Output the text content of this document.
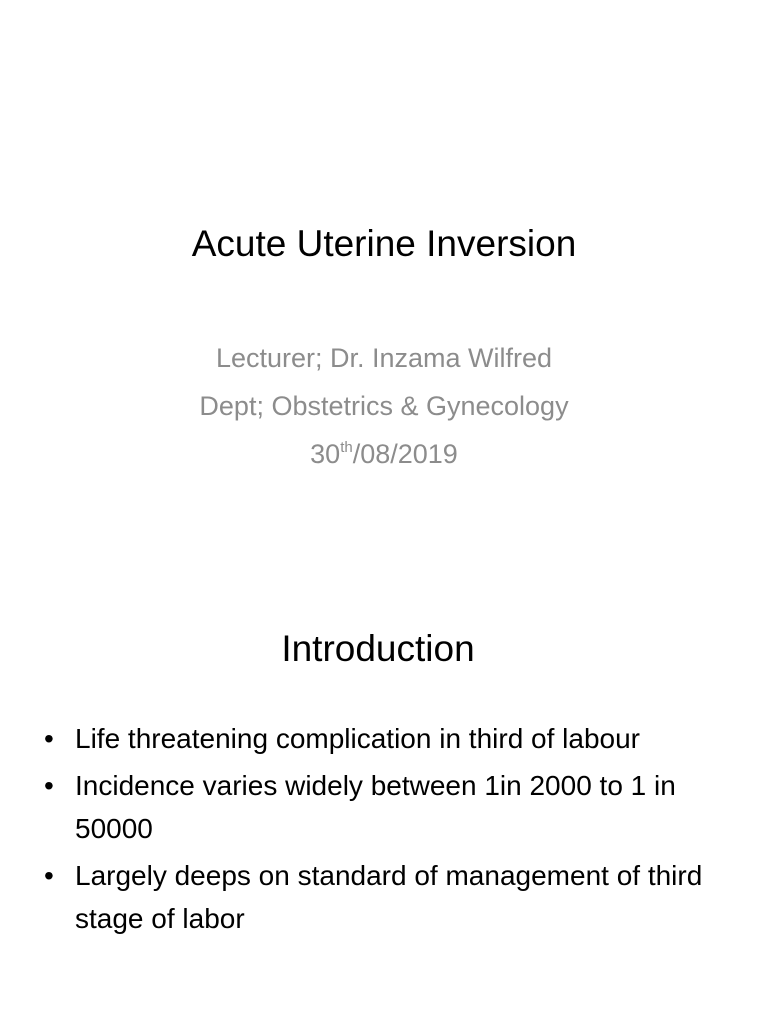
Acute Uterine Inversion
Lecturer; Dr. Inzama Wilfred
Dept; Obstetrics & Gynecology
30th/08/2019
Introduction
• Life threatening complication in third of labour
• Incidence varies widely between 1in 2000 to 1 in 50000
• Largely deeps on standard of management of third stage of labor
